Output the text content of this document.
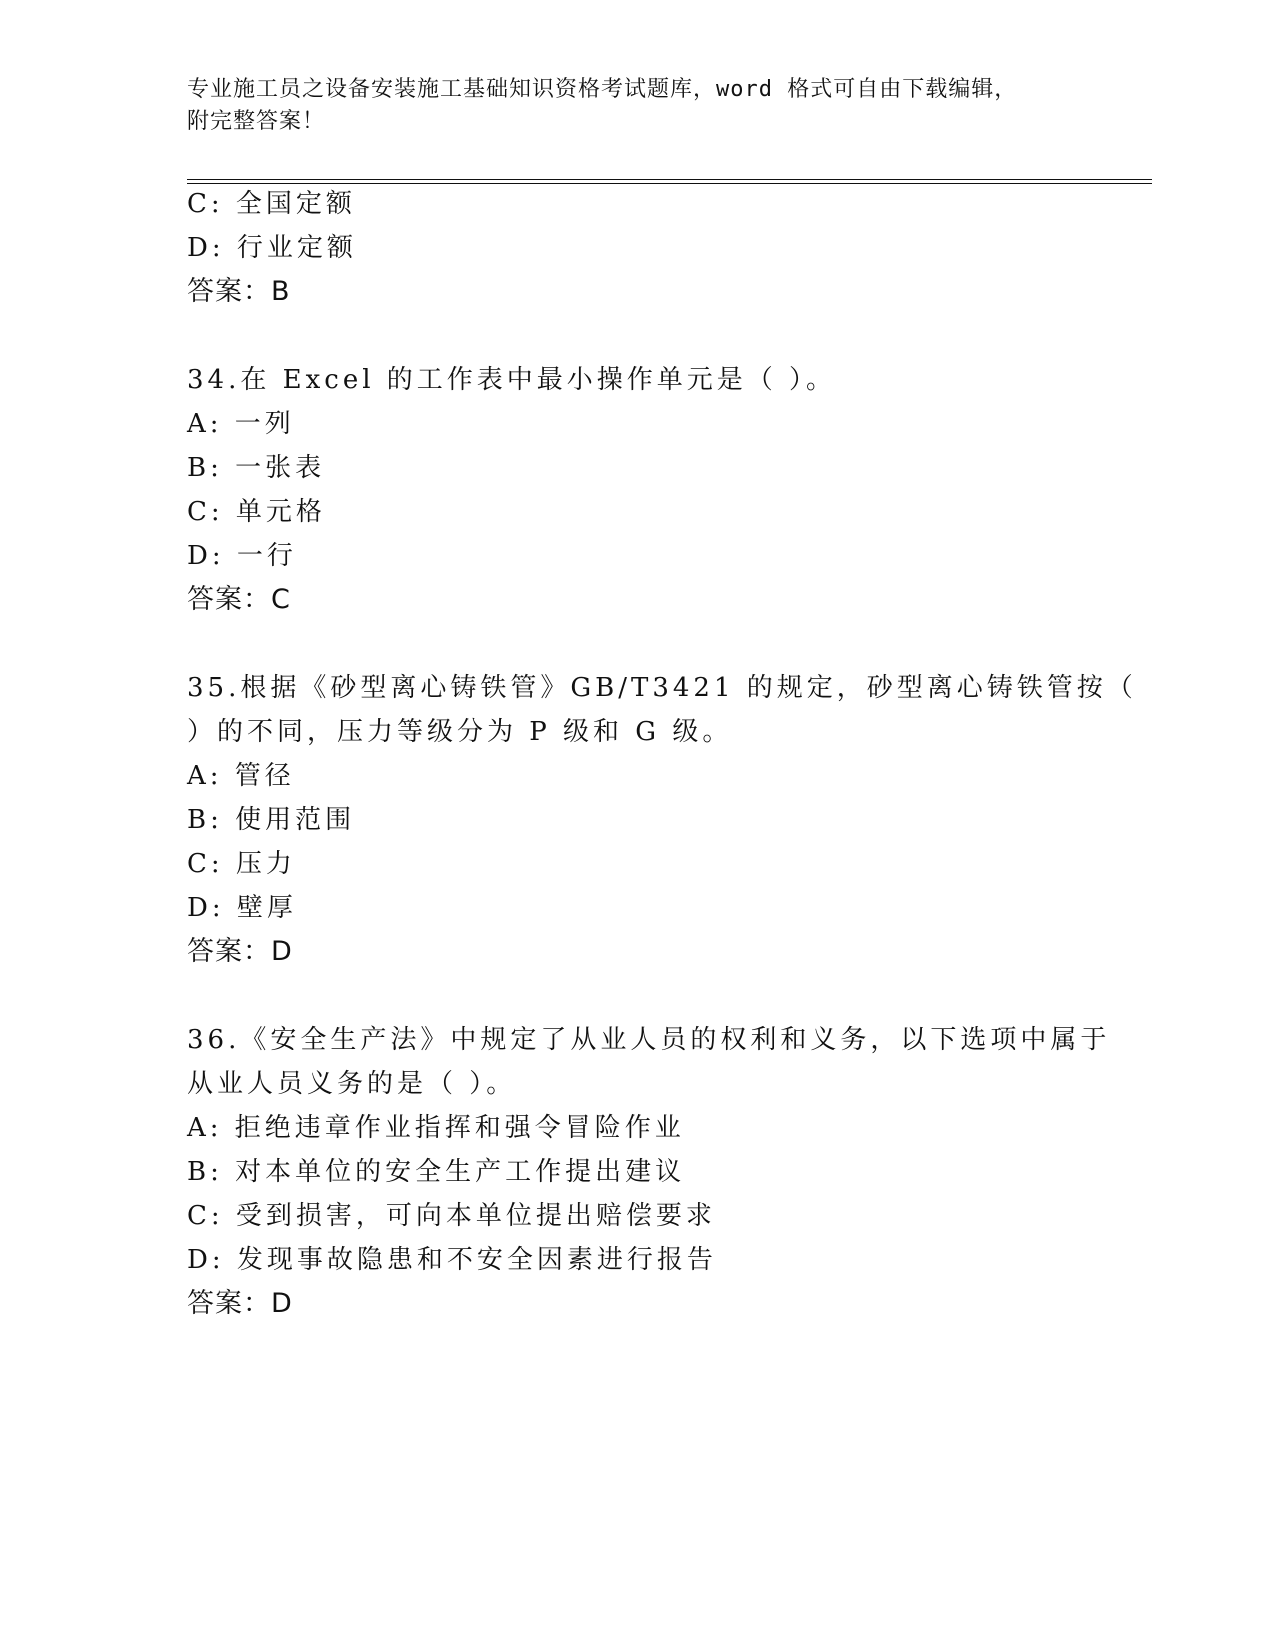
专业施工员之设备安装施工基础知识资格考试题库，word 格式可自由下载编辑，
附完整答案！

C: 全国定额

D: 行业定额

答案：B

34.在 Excel 的工作表中最小操作单元是（ ）。

A: 一列

B: 一张表

C: 单元格

D: 一行

答案：C

35.根据《砂型离心铸铁管》GB/T3421 的规定，砂型离心铸铁管按（

）的不同，压力等级分为 P 级和 G 级。

A: 管径

B: 使用范围

C: 压力

D: 壁厚

答案：D

36.《安全生产法》中规定了从业人员的权利和义务，以下选项中属于

从业人员义务的是（ ）。

A: 拒绝违章作业指挥和强令冒险作业

B: 对本单位的安全生产工作提出建议

C: 受到损害，可向本单位提出赔偿要求

D: 发现事故隐患和不安全因素进行报告

答案：D
